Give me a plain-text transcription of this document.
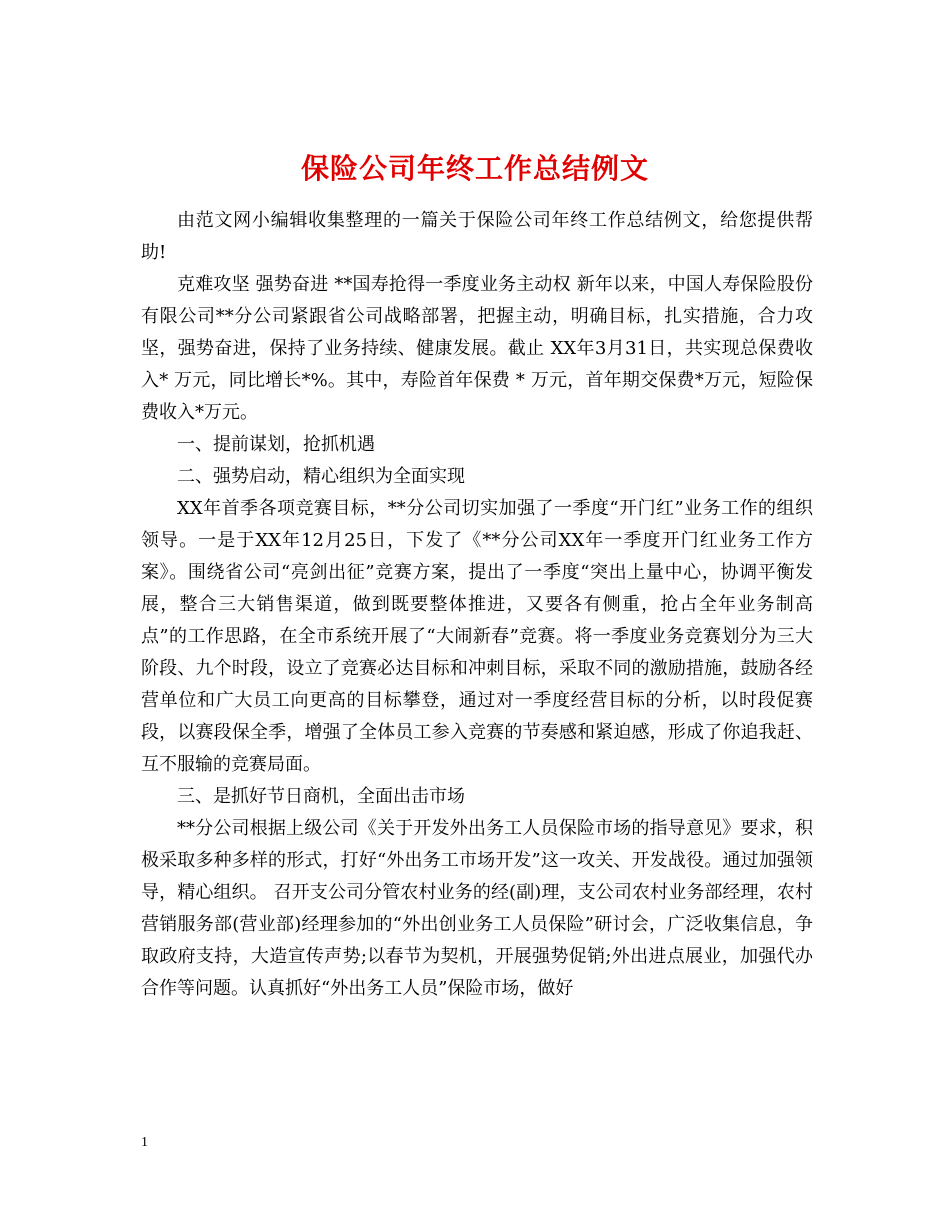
保险公司年终工作总结例文

由范文网小编辑收集整理的一篇关于保险公司年终工作总结例文，给您提供帮助!

克难攻坚 强势奋进 **国寿抢得一季度业务主动权 新年以来，中国人寿保险股份有限公司**分公司紧跟省公司战略部署，把握主动，明确目标，扎实措施，合力攻坚，强势奋进，保持了业务持续、健康发展。截止 XX年3月31日，共实现总保费收入* 万元，同比增长*%。其中，寿险首年保费 * 万元，首年期交保费*万元，短险保费收入*万元。

一、提前谋划，抢抓机遇

二、强势启动，精心组织为全面实现

XX年首季各项竞赛目标，**分公司切实加强了一季度“开门红”业务工作的组织领导。一是于XX年12月25日，下发了《**分公司XX年一季度开门红业务工作方案》。围绕省公司“亮剑出征”竞赛方案，提出了一季度“突出上量中心，协调平衡发展，整合三大销售渠道，做到既要整体推进，又要各有侧重，抢占全年业务制高点”的工作思路，在全市系统开展了“大闹新春”竞赛。将一季度业务竞赛划分为三大阶段、九个时段，设立了竞赛必达目标和冲刺目标，采取不同的激励措施，鼓励各经营单位和广大员工向更高的目标攀登，通过对一季度经营目标的分析，以时段促赛段，以赛段保全季，增强了全体员工参入竞赛的节奏感和紧迫感，形成了你追我赶、互不服输的竞赛局面。

三、是抓好节日商机，全面出击市场

**分公司根据上级公司《关于开发外出务工人员保险市场的指导意见》要求，积极采取多种多样的形式，打好“外出务工市场开发”这一攻关、开发战役。通过加强领导，精心组织。 召开支公司分管农村业务的经(副)理，支公司农村业务部经理，农村营销服务部(营业部)经理参加的“外出创业务工人员保险”研讨会，广泛收集信息，争取政府支持，大造宣传声势;以春节为契机，开展强势促销;外出进点展业，加强代办合作等问题。认真抓好“外出务工人员”保险市场，做好

1
